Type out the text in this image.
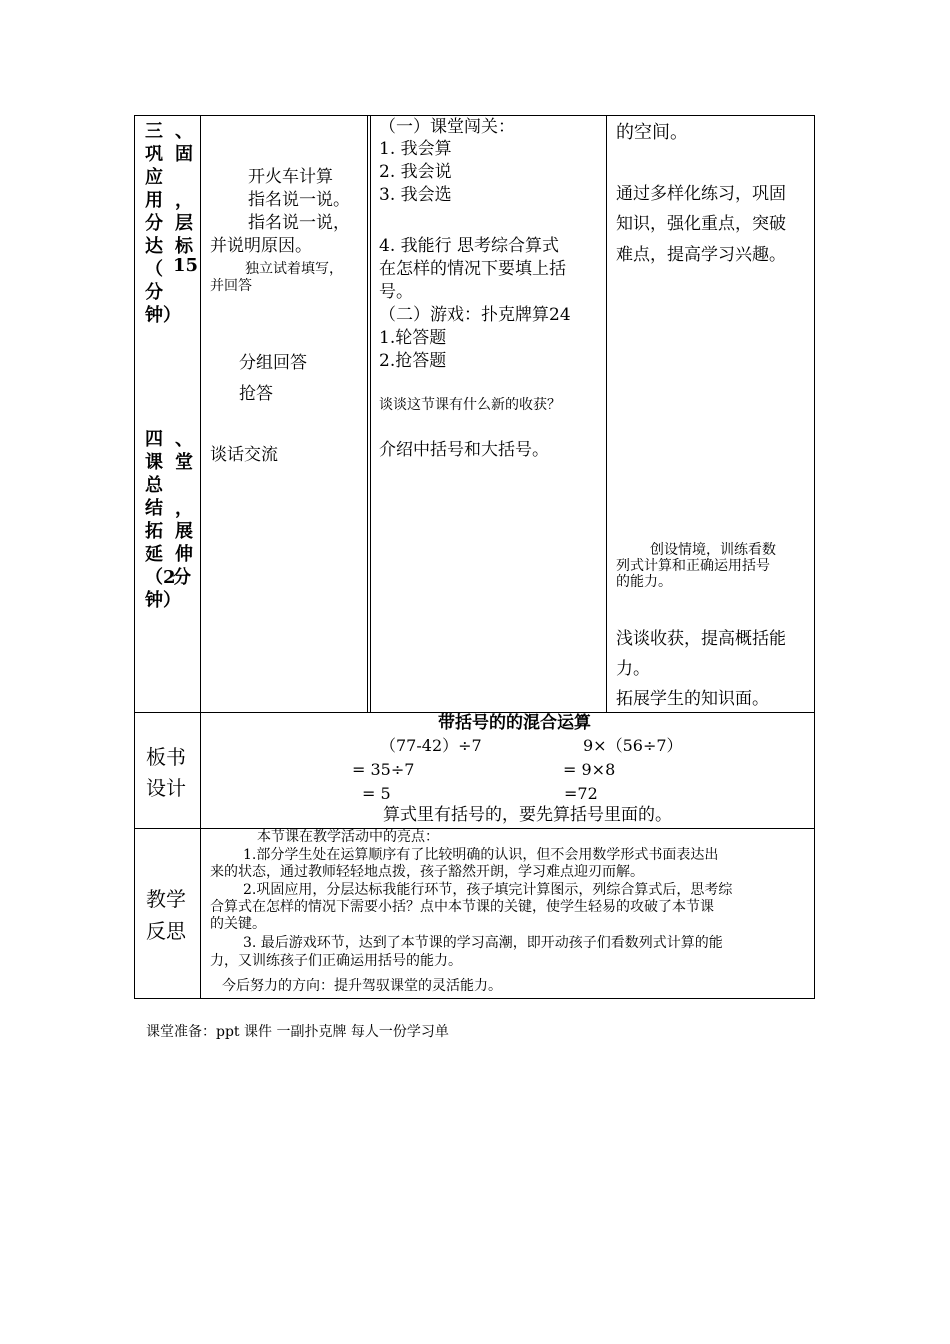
三 、
巩 固
应
用 ，
分 层
达 标
（ 15
分
钟）
四 、
课 堂
总
结 ，
拓 展
延 伸
（2
分
钟）
开火车计算
指名说一说。
指名说一说，
并说明原因。
独立试着填写，
并回答
分组回答
抢答
谈话交流
（一）课堂闯关：
1. 我会算
2. 我会说
3. 我会选
4. 我能行 思考综合算式
在怎样的情况下要填上括
号。
（二）游戏：扑克牌算24
1.轮答题
2.抢答题
谈谈这节课有什么新的收获？
介绍中括号和大括号。
的空间。
通过多样化练习，巩固
知识，强化重点，突破
难点，提高学习兴趣。
创设情境，训练看数
列式计算和正确运用括号
的能力。
浅谈收获，提高概括能
力。
拓展学生的知识面。
板书
设计
带括号的的混合运算
（77-42）÷7
= 35÷7
= 5
9×（56÷7）
= 9×8
=72
算式里有括号的，要先算括号里面的。
教学
反思
本节课在教学活动中的亮点：
1.部分学生处在运算顺序有了比较明确的认识，但不会用数学形式书面表达出
来的状态，通过教师轻轻地点拨，孩子豁然开朗，学习难点迎刃而解。
2.巩固应用，分层达标我能行环节，孩子填完计算图示，列综合算式后，思考综
合算式在怎样的情况下需要小括？点中本节课的关键，使学生轻易的攻破了本节课
的关键。
3. 最后游戏环节，达到了本节课的学习高潮，即开动孩子们看数列式计算的能
力，又训练孩子们正确运用括号的能力。
今后努力的方向：提升驾驭课堂的灵活能力。
课堂准备：ppt 课件 一副扑克牌 每人一份学习单
